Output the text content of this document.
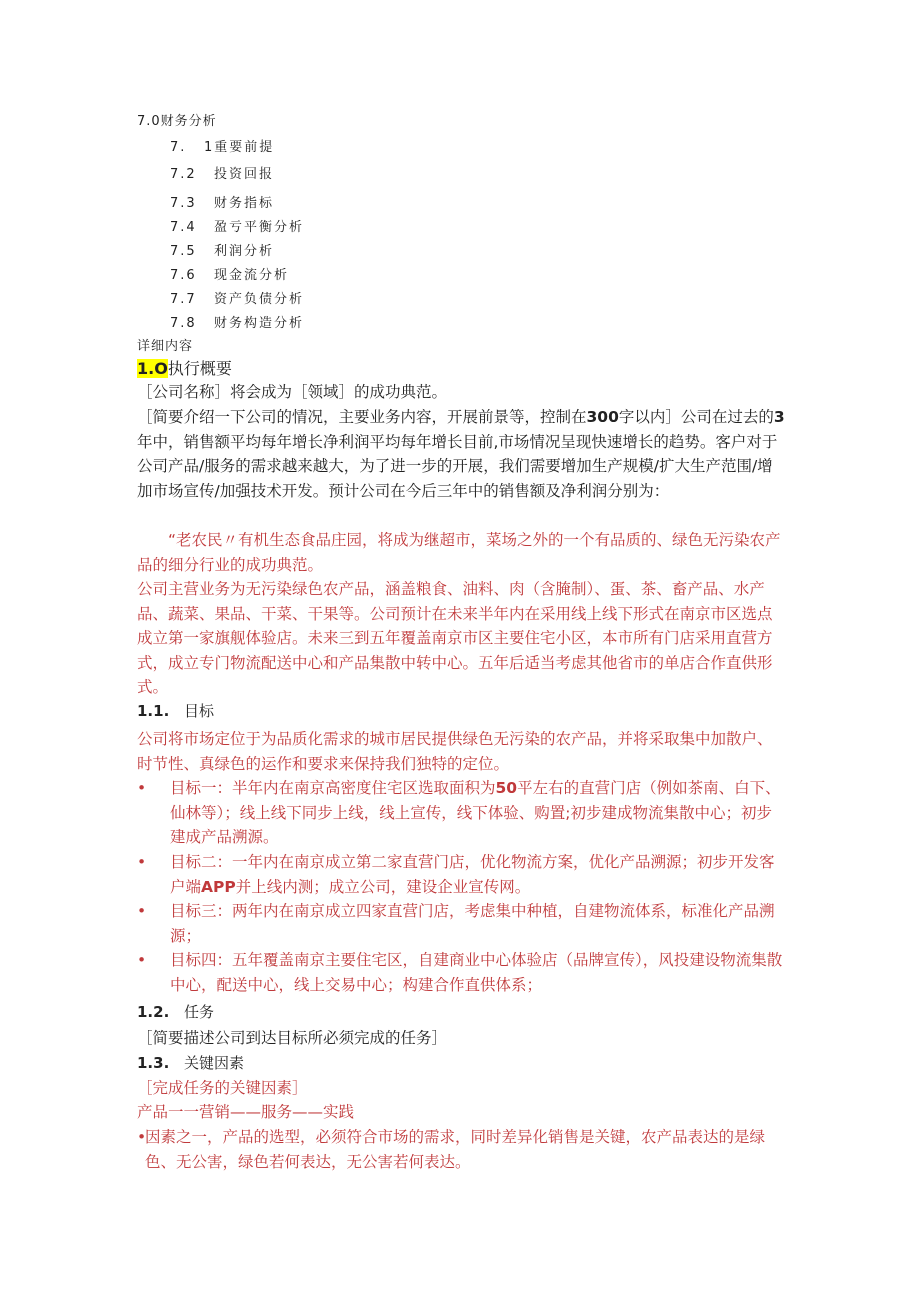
7.0财务分析
7. 1重要前提
7.2 投资回报
7.3 财务指标
7.4 盈亏平衡分析
7.5 利润分析
7.6 现金流分析
7.7 资产负债分析
7.8 财务构造分析
详细内容
1.O执行概要
［公司名称］将会成为［领域］的成功典范。
［简要介绍一下公司的情况，主要业务内容，开展前景等，控制在300字以内］公司在过去的3年中，销售额平均每年增长净利润平均每年增长目前,市场情况呈现快速增长的趋势。客户对于公司产品/服务的需求越来越大，为了进一步的开展，我们需要增加生产规模/扩大生产范围/增加市场宣传/加强技术开发。预计公司在今后三年中的销售额及净利润分别为：
“老农民〃有机生态食品庄园，将成为继超市，菜场之外的一个有品质的、绿色无污染农产品的细分行业的成功典范。
公司主营业务为无污染绿色农产品，涵盖粮食、油料、肉（含腌制）、蛋、茶、畜产品、水产品、蔬菜、果品、干菜、干果等。公司预计在未来半年内在采用线上线下形式在南京市区选点成立第一家旗舰体验店。未来三到五年覆盖南京市区主要住宅小区，本市所有门店采用直营方式，成立专门物流配送中心和产品集散中转中心。五年后适当考虑其他省市的单店合作直供形式。
1.1. 目标
公司将市场定位于为品质化需求的城市居民提供绿色无污染的农产品，并将采取集中加散户、时节性、真绿色的运作和要求来保持我们独特的定位。
• 目标一：半年内在南京高密度住宅区选取面积为50平左右的直营门店（例如茶南、白下、仙林等）；线上线下同步上线，线上宣传，线下体验、购置;初步建成物流集散中心；初步建成产品溯源。
• 目标二：一年内在南京成立第二家直营门店，优化物流方案，优化产品溯源；初步开发客户端APP并上线内测；成立公司，建设企业宣传网。
• 目标三：两年内在南京成立四家直营门店，考虑集中种植，自建物流体系，标准化产品溯源；
• 目标四：五年覆盖南京主要住宅区，自建商业中心体验店（品牌宣传），风投建设物流集散中心，配送中心，线上交易中心；构建合作直供体系；
1.2. 任务
［简要描述公司到达目标所必须完成的任务］
1.3. 关键因素
［完成任务的关键因素］
产品一一营销——服务——实践
•
因素之一，产品的选型，必须符合市场的需求，同时差异化销售是关键，农产品表达的是绿色、无公害，绿色若何表达，无公害若何表达。
